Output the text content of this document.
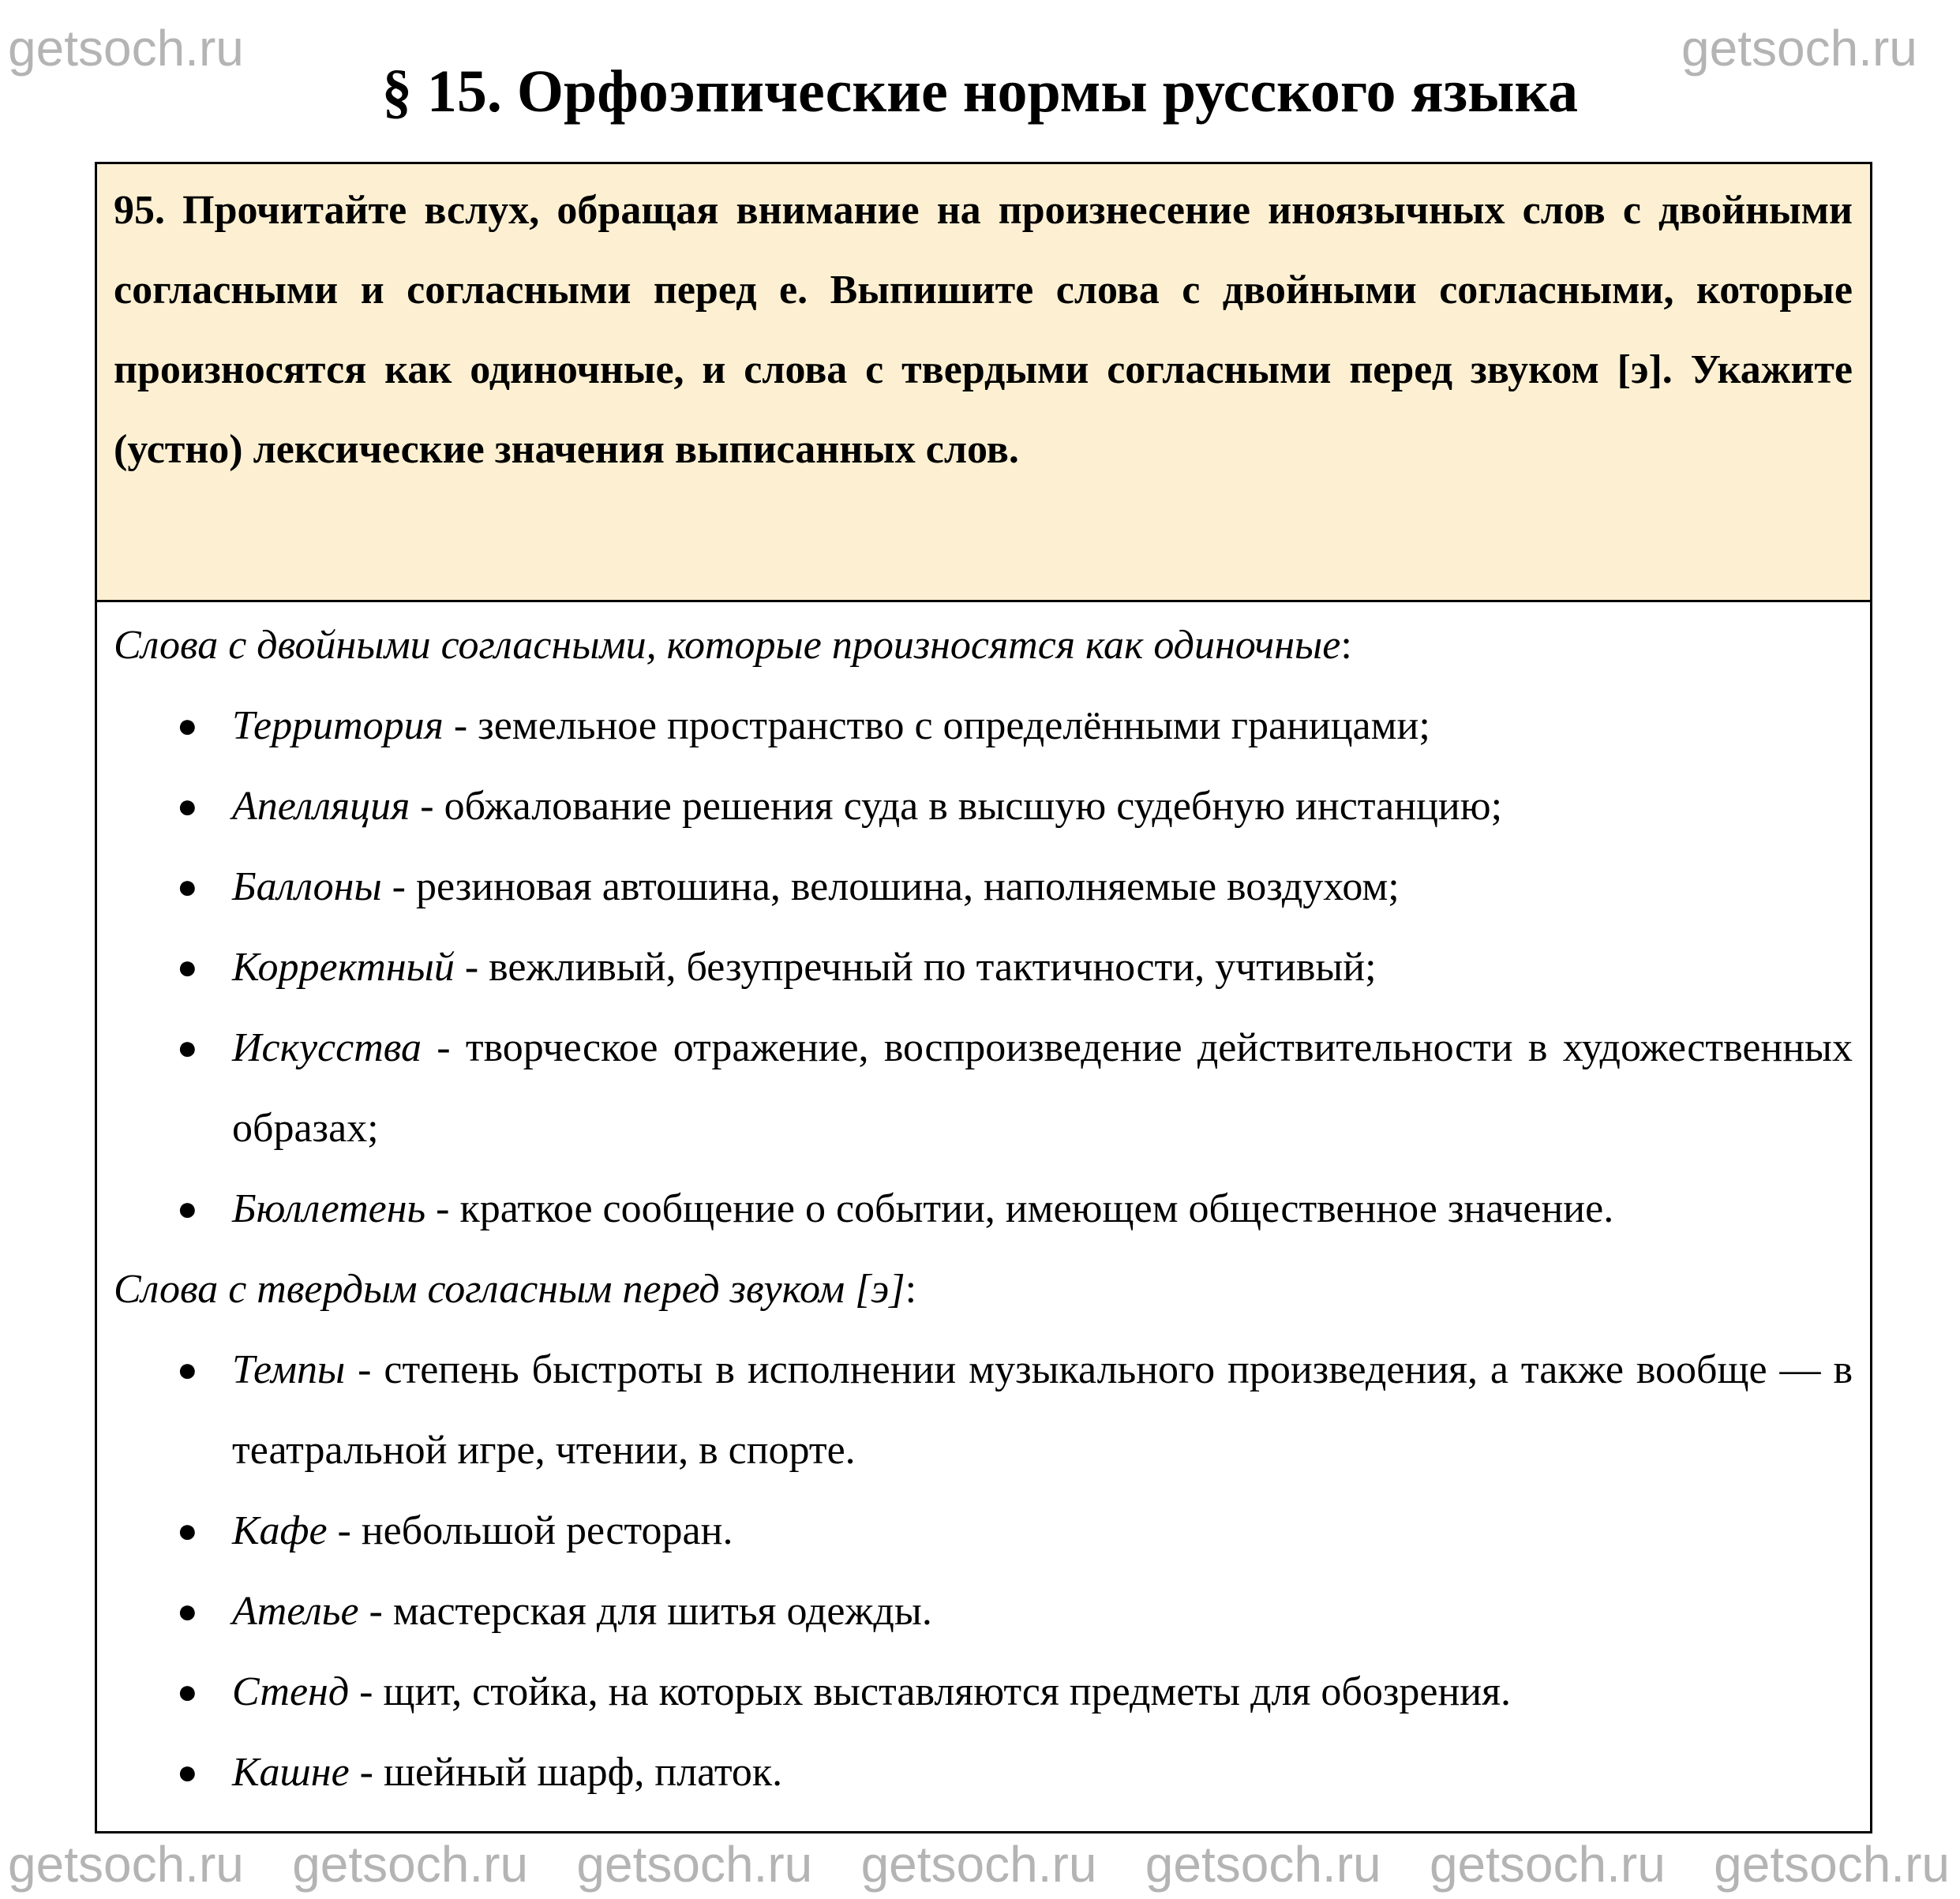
getsoch.ru	getsoch.ru
§ 15. Орфоэпические нормы русского языка

95. Прочитайте вслух, обращая внимание на произнесение иноязычных слов с двойными согласными и согласными перед е. Выпишите слова с двойными согласными, которые произносятся как одиночные, и слова с твердыми согласными перед звуком [э]. Укажите (устно) лексические значения выписанных слов.

Слова с двойными согласными, которые произносятся как одиночные:

● Территория - земельное пространство с определёнными границами;
● Апелляция - обжалование решения суда в высшую судебную инстанцию;
● Баллоны - резиновая автошина, велошина, наполняемые воздухом;
● Корректный - вежливый, безупречный по тактичности, учтивый;
● Искусства - творческое отражение, воспроизведение действительности в художественных образах;
● Бюллетень - краткое сообщение о событии, имеющем общественное значение.

Слова с твердым согласным перед звуком [э]:

● Темпы - степень быстроты в исполнении музыкального произведения, а также вообще — в театральной игре, чтении, в спорте.
● Кафе - небольшой ресторан.
● Ателье - мастерская для шитья одежды.
● Стенд - щит, стойка, на которых выставляются предметы для обозрения.
● Кашне - шейный шарф, платок.
getsoch.ru getsoch.ru getsoch.ru getsoch.ru getsoch.ru getsoch.ru getsoch.ru
